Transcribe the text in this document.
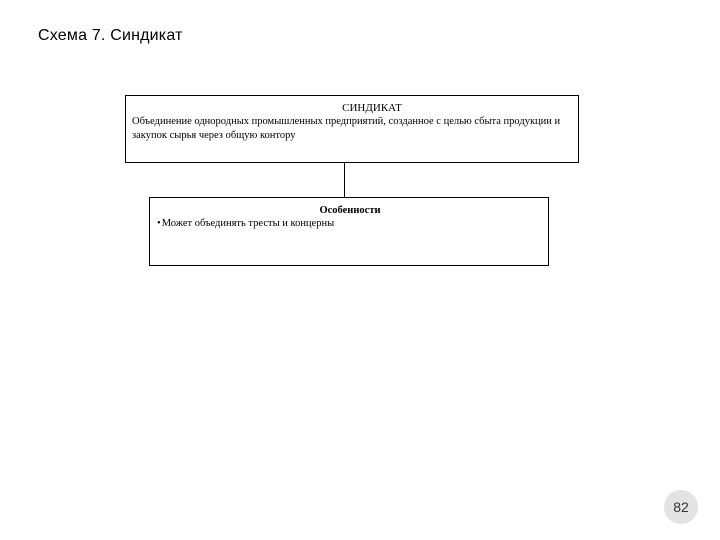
Схема 7. Синдикат
СИНДИКАТ
Объединение однородных промышленных предприятий, созданное с целью сбыта продукции и закупок сырья через общую контору
Особенности
• Может объединять тресты и концерны
82
